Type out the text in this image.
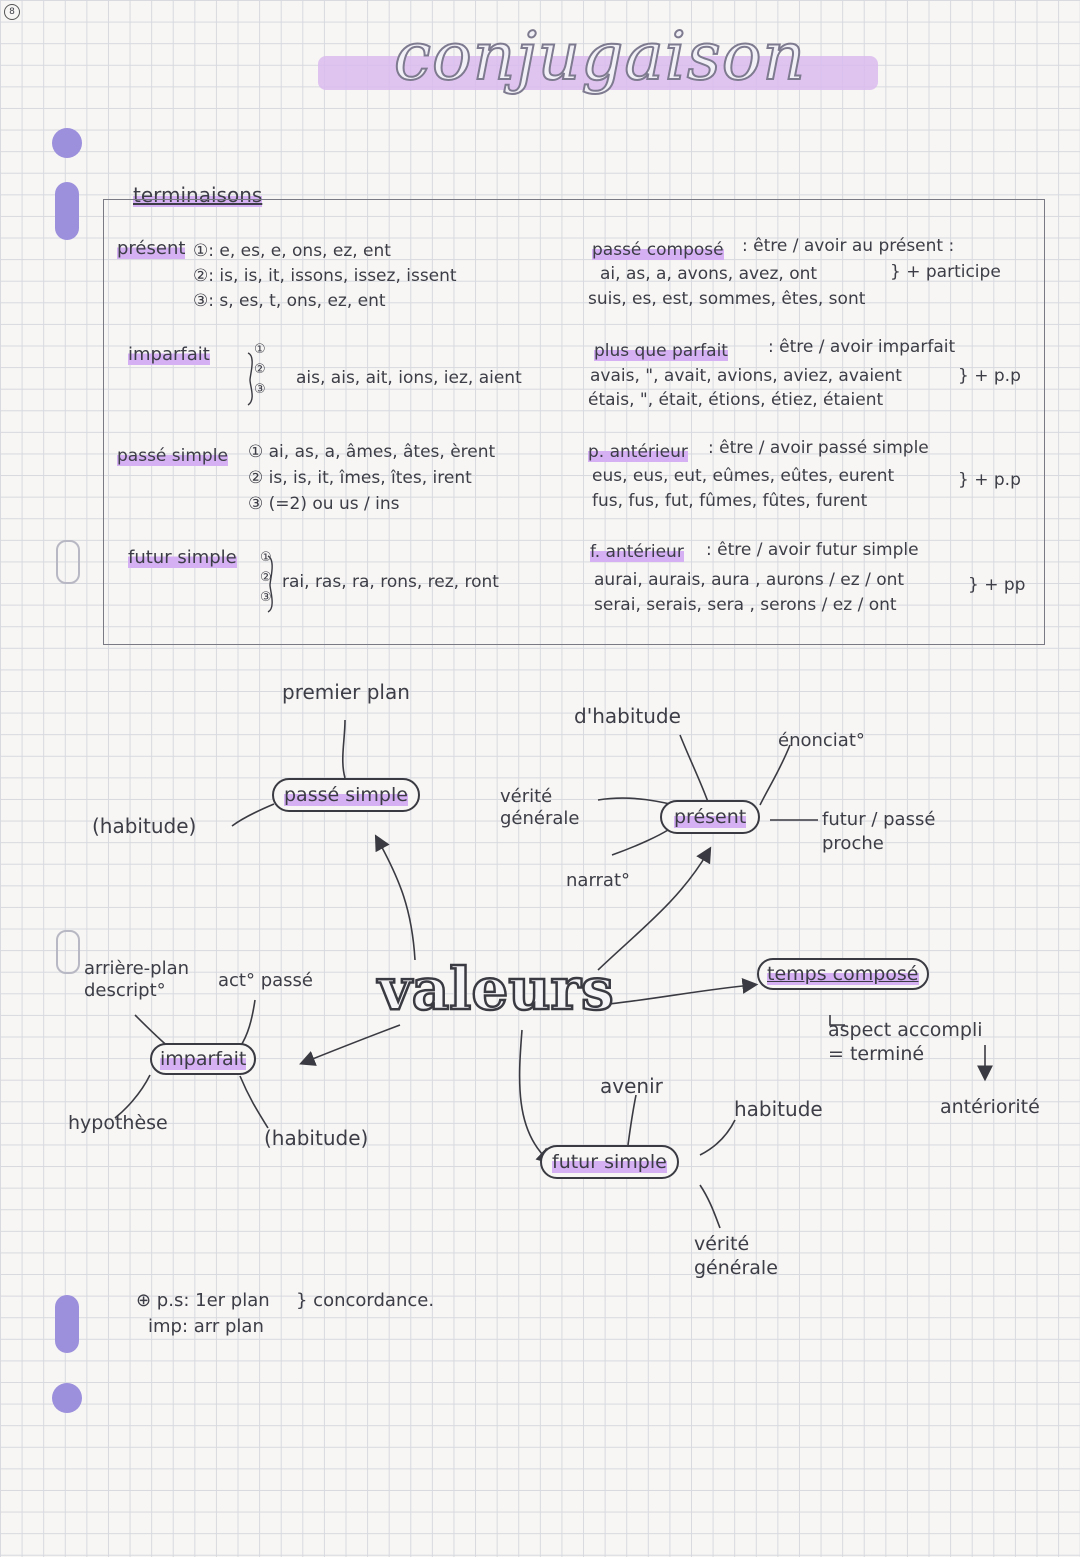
8
conjugaison
terminaisons
présent ①: e, es, e, ons, ez, ent
②: is, is, it, issons, issez, issent
③: s, es, t, ons, ez, ent
imparfait	①
②
③
ais, ais, ait, ions, iez, aient
passé simple ① ai, as, a, âmes, âtes, èrent
② is, is, it, îmes, îtes, irent
③ (=2) ou us / ins
futur simple ①
②
③
rai, ras, ra, rons, rez, ront
passé composé : être / avoir au présent :
ai, as, a, avons, avez, ont
suis, es, est, sommes, êtes, sont
} + participe
plus que parfait : être / avoir imparfait
avais, ", avait, avions, aviez, avaient
étais, ", était, étions, étiez, étaient
} + p.p
p. antérieur : être / avoir passé simple
eus, eus, eut, eûmes, eûtes, eurent
fus, fus, fut, fûmes, fûtes, furent
} + p.p
f. antérieur : être / avoir futur simple
aurai, aurais, aura , aurons / ez / ont
serai, serais, sera , serons / ez / ont
} + pp
valeurs
passé simple
premier plan
(habitude)	présent
d'habitude
énonciat°
vérité
générale
narrat°
futur / passé
proche
temps composé
aspect accompli
= terminé
antériorité
imparfait
arrière-plan
descript°	act° passé
hypothèse
(habitude)
futur simple
avenir
habitude
vérité
générale
⊕ p.s: 1er plan
imp: arr plan
} concordance.
